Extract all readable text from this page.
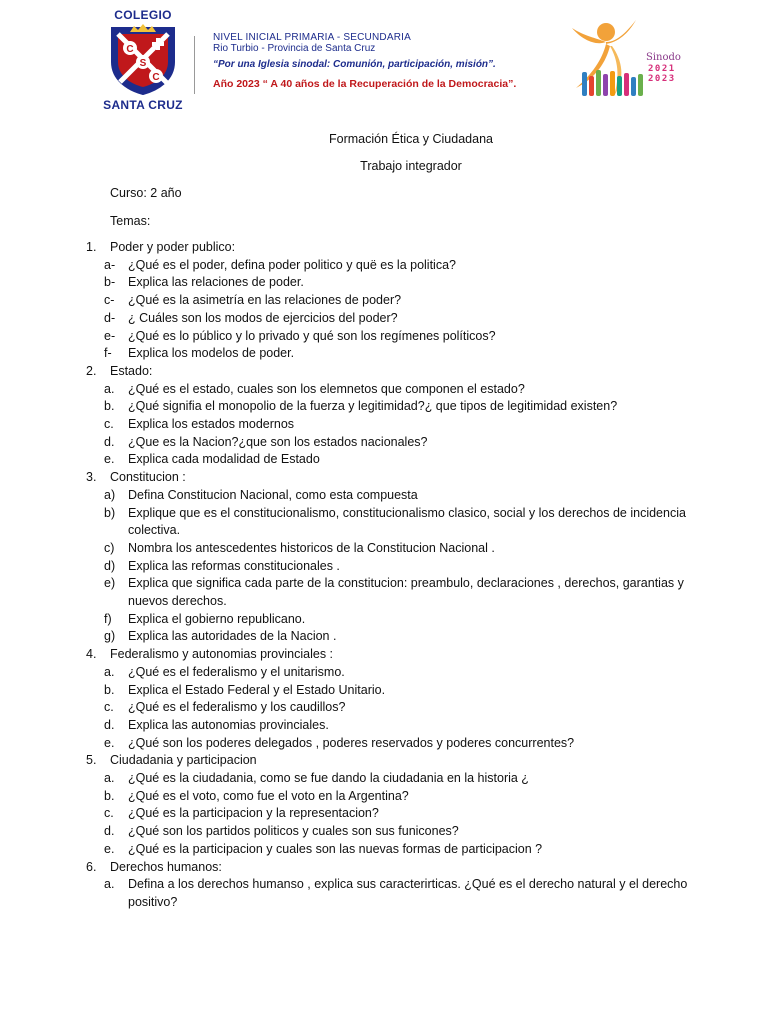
COLEGIO
C
S
C
SANTA CRUZ
NIVEL INICIAL PRIMARIA - SECUNDARIA
Rio Turbio - Provincia de Santa Cruz
“Por una Iglesia sinodal: Comunión, participación, misión”.
Año 2023 “ A 40 años de la Recuperación de la Democracia”.
Sinodo
2021
2023
Formación Ética y Ciudadana
Trabajo integrador
Curso: 2 año
Temas:
1. Poder y poder publico:
a- ¿Qué es el poder, defina poder politico y quë es la politica?
b- Explica las relaciones de poder.
c- ¿Qué es la asimetría en las relaciones de poder?
d- ¿ Cuáles son los modos de ejercicios del poder?
e- ¿Qué es lo público y lo privado y qué son los regímenes políticos?
f- Explica los modelos de poder.
2. Estado:
a. ¿Qué es el estado, cuales son los elemnetos que componen el estado?
b. ¿Qué signifia el monopolio de la fuerza y legitimidad?¿ que tipos de legitimidad existen?
c. Explica los estados modernos
d. ¿Que es la Nacion?¿que son los estados nacionales?
e. Explica cada modalidad de Estado
3. Constitucion :
a) Defina Constitucion Nacional, como esta compuesta
b) Explique que es el constitucionalismo, constitucionalismo clasico, social y los derechos de incidencia
colectiva.
c) Nombra los antescedentes historicos de la Constitucion Nacional .
d) Explica las reformas constitucionales .
e) Explica que significa cada parte de la constitucion: preambulo, declaraciones , derechos, garantias y
nuevos derechos.
f) Explica el gobierno republicano.
g) Explica las autoridades de la Nacion .
4. Federalismo y autonomias provinciales :
a. ¿Qué es el federalismo y el unitarismo.
b. Explica el Estado Federal y el Estado Unitario.
c. ¿Qué es el federalismo y los caudillos?
d. Explica las autonomias provinciales.
e. ¿Qué son los poderes delegados , poderes reservados y poderes concurrentes?
5. Ciudadania y participacion
a. ¿Qué es la ciudadania, como se fue dando la ciudadania en la historia ¿
b. ¿Qué es el voto, como fue el voto en la Argentina?
c. ¿Qué es la participacion y la representacion?
d. ¿Qué son los partidos politicos y cuales son sus funicones?
e. ¿Qué es la participacion y cuales son las nuevas formas de participacion ?
6. Derechos humanos:
a. Defina a los derechos humanso , explica sus caracterirticas. ¿Qué es el derecho natural y el derecho
positivo?
